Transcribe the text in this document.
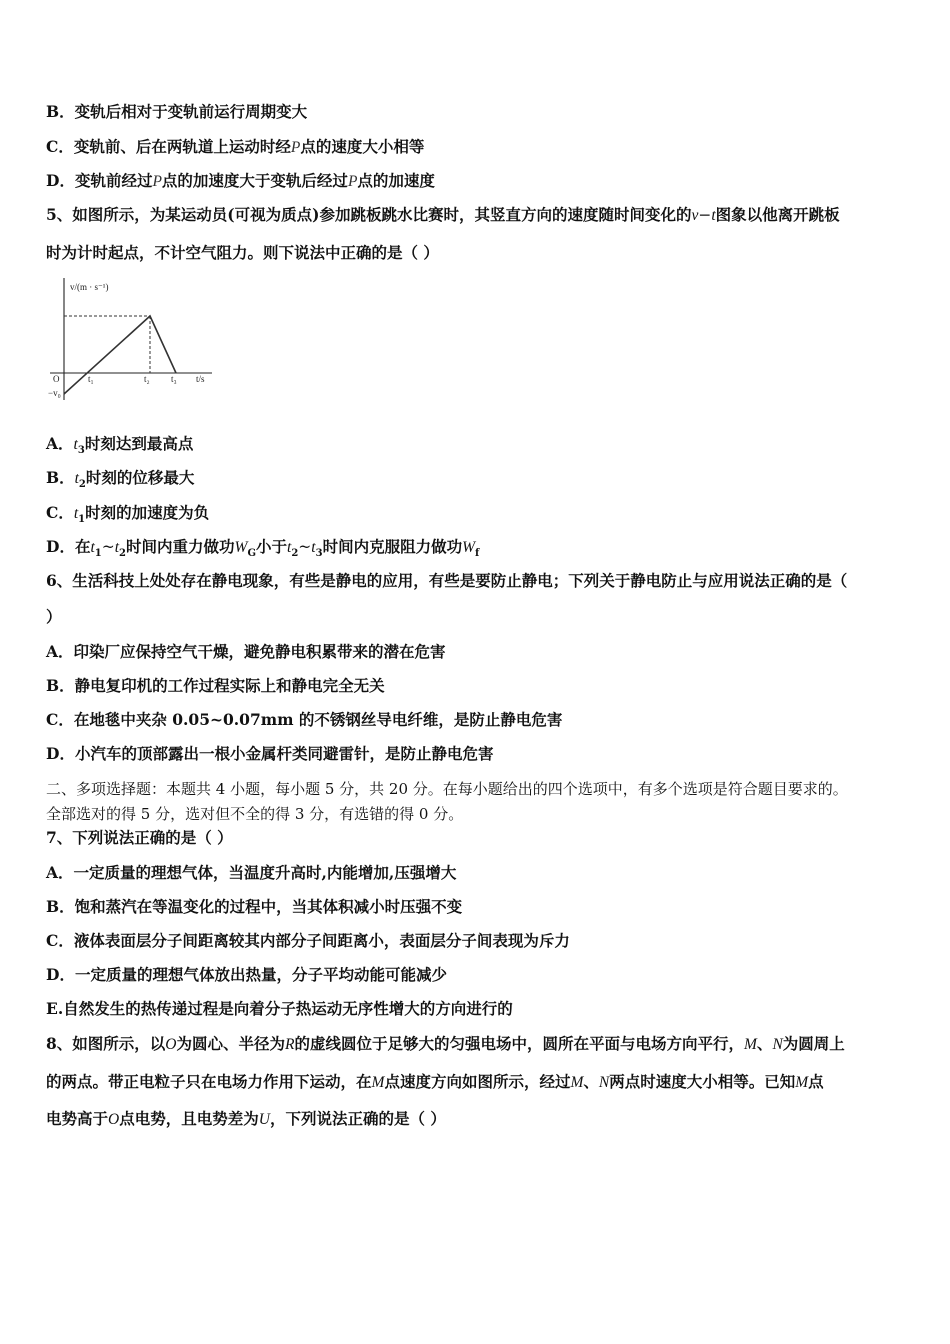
B．变轨后相对于变轨前运行周期变大
C．变轨前、后在两轨道上运动时经P点的速度大小相等
D．变轨前经过P点的加速度大于变轨后经过P点的加速度
5、如图所示，为某运动员(可视为质点)参加跳板跳水比赛时，其竖直方向的速度随时间变化的v−t图象以他离开跳板
时为计时起点，不计空气阻力。则下说法中正确的是（ ）
v/(m · s⁻¹)
t/s
O
−v₀
t₁	t₂ t₃
A．$t_3$时刻达到最高点
B．$t_2$时刻的位移最大
C．$t_1$时刻的加速度为负
D．在$t_1\sim t_2$时间内重力做功$W_G$小于$t_2\sim t_3$时间内克服阻力做功$W_f$
6、生活科技上处处存在静电现象，有些是静电的应用，有些是要防止静电；下列关于静电防止与应用说法正确的是（
）
A．印染厂应保持空气干燥，避免静电积累带来的潜在危害
B．静电复印机的工作过程实际上和静电完全无关
C．在地毯中夹杂 0.05~0.07mm 的不锈钢丝导电纤维，是防止静电危害
D．小汽车的顶部露出一根小金属杆类同避雷针，是防止静电危害
二、多项选择题：本题共 4 小题，每小题 5 分，共 20 分。在每小题给出的四个选项中，有多个选项是符合题目要求的。
全部选对的得 5 分，选对但不全的得 3 分，有选错的得 0 分。
7、下列说法正确的是（ ）
A．一定质量的理想气体，当温度升高时,内能增加,压强增大
B．饱和蒸汽在等温变化的过程中，当其体积减小时压强不变
C．液体表面层分子间距离较其内部分子间距离小，表面层分子间表现为斥力
D．一定质量的理想气体放出热量，分子平均动能可能减少
E.自然发生的热传递过程是向着分子热运动无序性增大的方向进行的
8、如图所示，以O为圆心、半径为R的虚线圆位于足够大的匀强电场中，圆所在平面与电场方向平行，M、N为圆周上
的两点。带正电粒子只在电场力作用下运动，在M点速度方向如图所示，经过M、N两点时速度大小相等。已知M点
电势高于O点电势，且电势差为U，下列说法正确的是（ ）
